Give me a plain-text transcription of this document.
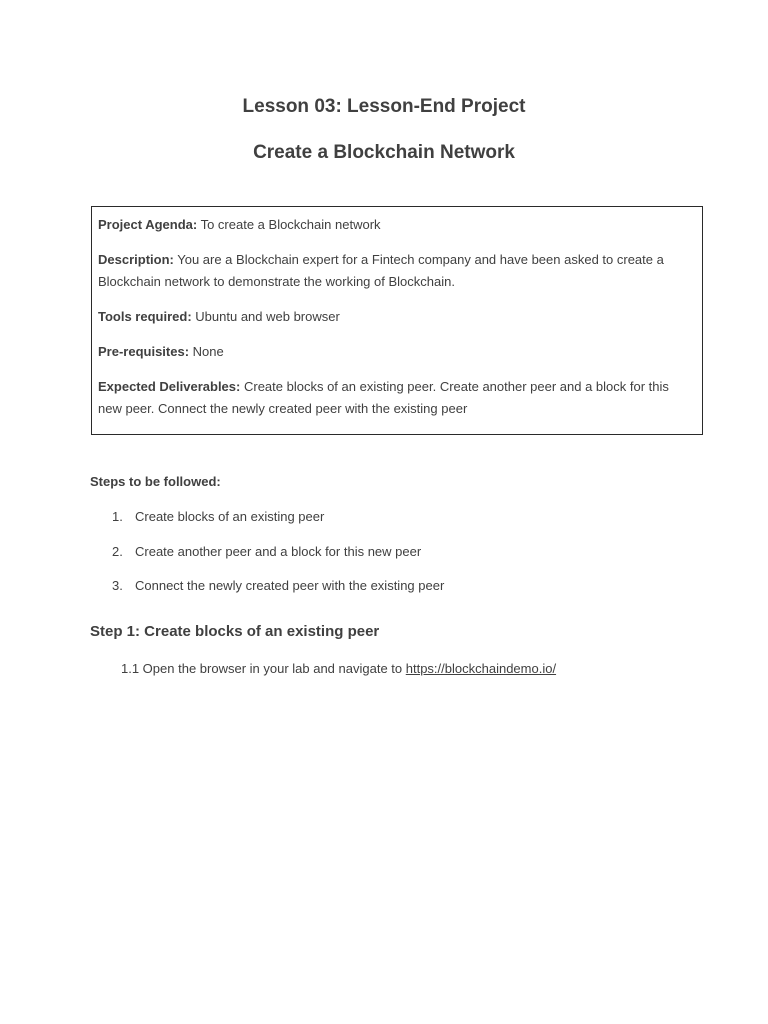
Lesson 03: Lesson-End Project
Create a Blockchain Network

Project Agenda: To create a Blockchain network

Description: You are a Blockchain expert for a Fintech company and have been asked to create a Blockchain network to demonstrate the working of Blockchain.

Tools required: Ubuntu and web browser

Pre-requisites: None

Expected Deliverables: Create blocks of an existing peer. Create another peer and a block for this new peer. Connect the newly created peer with the existing peer

Steps to be followed:

1. Create blocks of an existing peer
2. Create another peer and a block for this new peer
3. Connect the newly created peer with the existing peer
Step 1: Create blocks of an existing peer

1.1 Open the browser in your lab and navigate to https://blockchaindemo.io/
